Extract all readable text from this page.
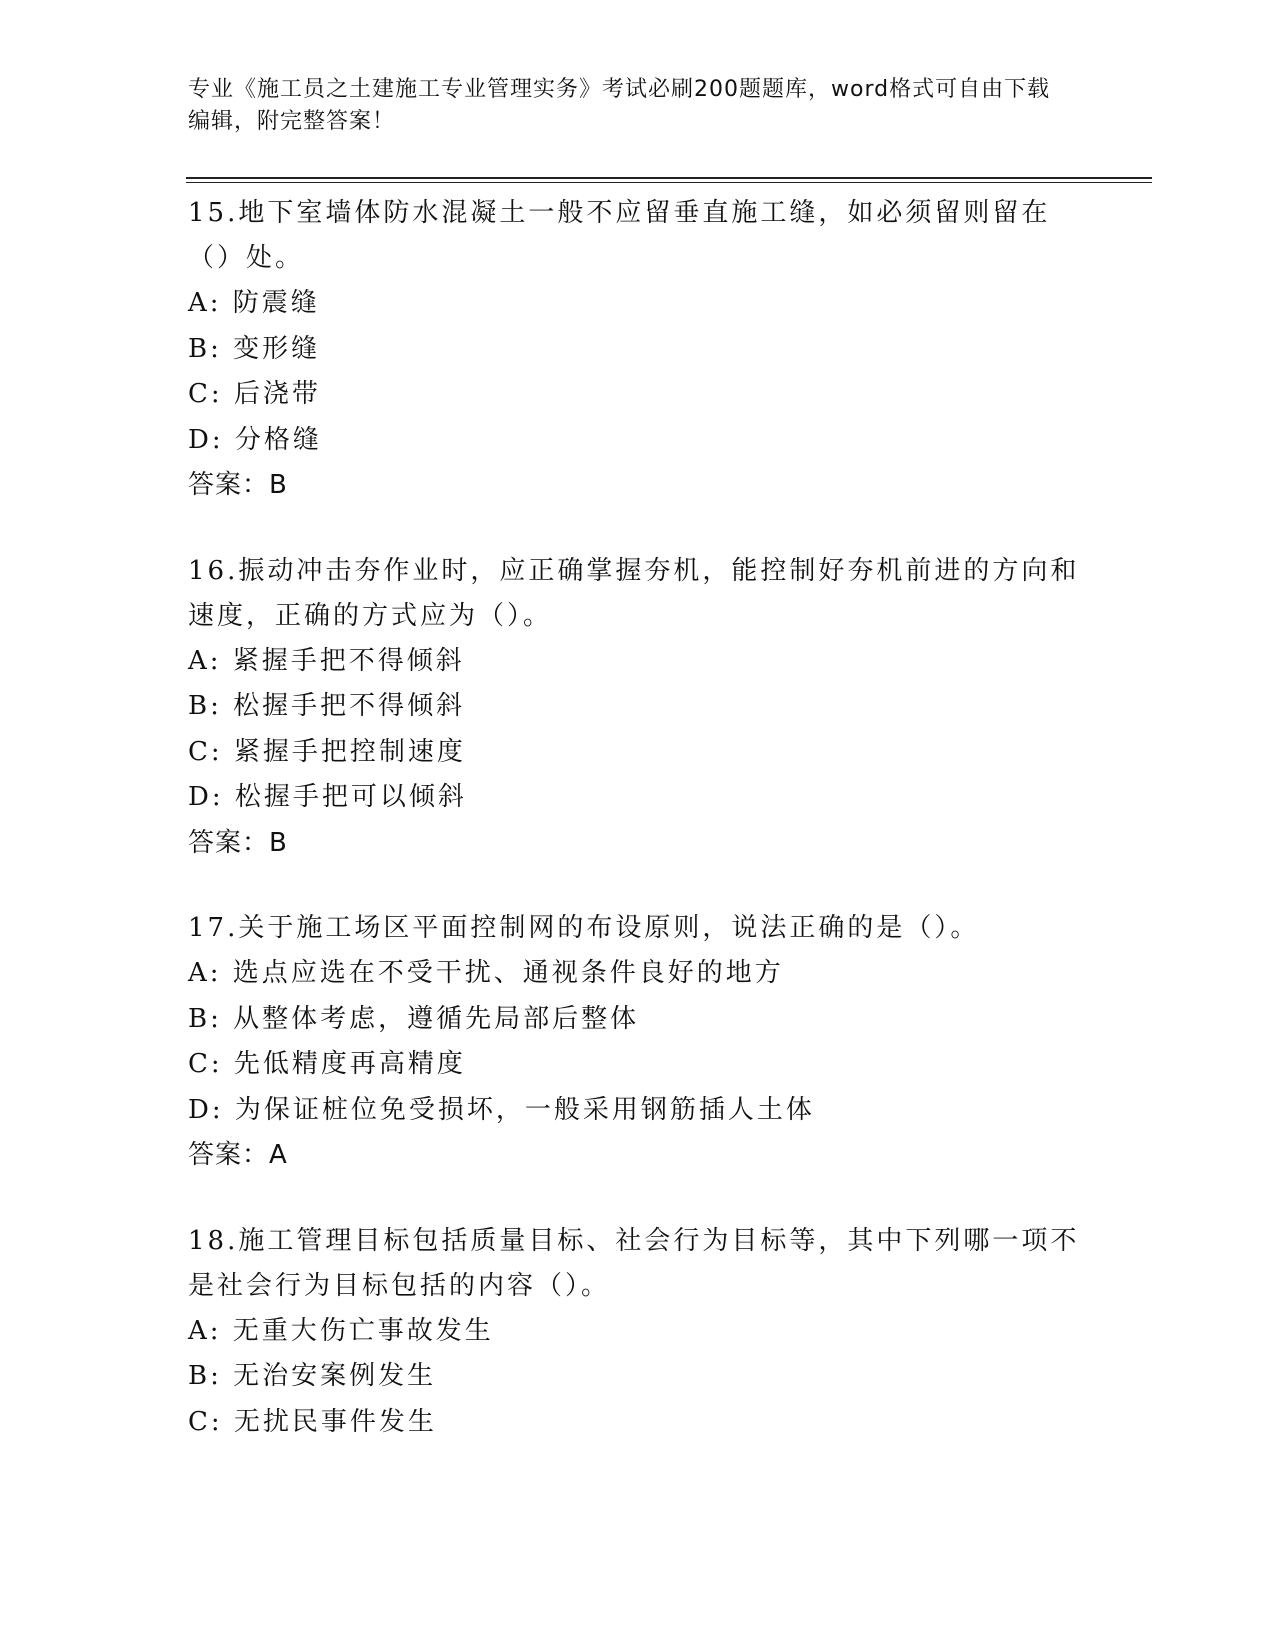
专业《施工员之土建施工专业管理实务》考试必刷200题题库，word格式可自由下载编辑，附完整答案！

15.地下室墙体防水混凝土一般不应留垂直施工缝，如必须留则留在（）处。

A: 防震缝

B: 变形缝

C: 后浇带

D: 分格缝

答案：B

16.振动冲击夯作业时，应正确掌握夯机，能控制好夯机前进的方向和速度，正确的方式应为（）。

A: 紧握手把不得倾斜

B: 松握手把不得倾斜

C: 紧握手把控制速度

D: 松握手把可以倾斜

答案：B

17.关于施工场区平面控制网的布设原则，说法正确的是（）。

A: 选点应选在不受干扰、通视条件良好的地方

B: 从整体考虑，遵循先局部后整体

C: 先低精度再高精度

D: 为保证桩位免受损坏，一般采用钢筋插人土体

答案：A

18.施工管理目标包括质量目标、社会行为目标等，其中下列哪一项不是社会行为目标包括的内容（）。

A: 无重大伤亡事故发生

B: 无治安案例发生

C: 无扰民事件发生
